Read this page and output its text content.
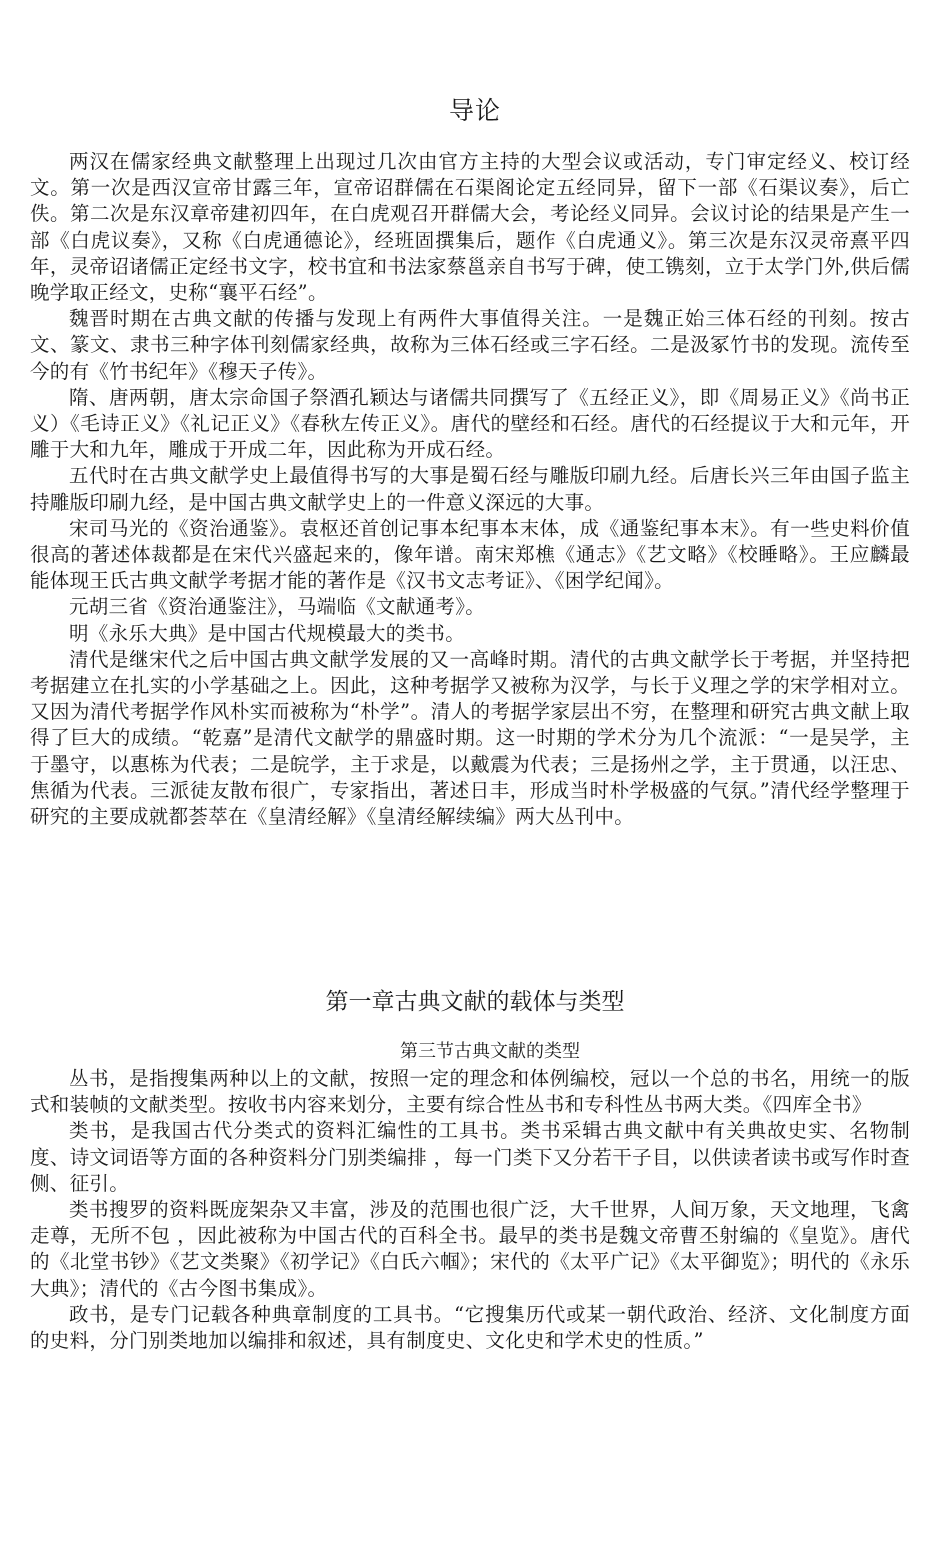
导论

两汉在儒家经典文献整理上出现过几次由官方主持的大型会议或活动，专门审定经义、校订经文。第一次是西汉宣帝甘露三年，宣帝诏群儒在石渠阁论定五经同异，留下一部《石渠议奏》，后亡佚。第二次是东汉章帝建初四年，在白虎观召开群儒大会，考论经义同异。会议讨论的结果是产生一部《白虎议奏》，又称《白虎通德论》，经班固撰集后，题作《白虎通义》。第三次是东汉灵帝熹平四年，灵帝诏诸儒正定经书文字，校书宜和书法家蔡邕亲自书写于碑，使工镌刻，立于太学门外,供后儒晚学取正经文，史称“襄平石经”。

魏晋时期在古典文献的传播与发现上有两件大事值得关注。一是魏正始三体石经的刊刻。按古文、篆文、隶书三种字体刊刻儒家经典，故称为三体石经或三字石经。二是汲冢竹书的发现。流传至今的有《竹书纪年》《穆天子传》。

隋、唐两朝，唐太宗命国子祭酒孔颖达与诸儒共同撰写了《五经正义》，即《周易正义》《尚书正义）《毛诗正义》《礼记正义》《春秋左传正义》。唐代的壁经和石经。唐代的石经提议于大和元年，开雕于大和九年，雕成于开成二年，因此称为开成石经。

五代时在古典文献学史上最值得书写的大事是蜀石经与雕版印刷九经。后唐长兴三年由国子监主持雕版印刷九经，是中国古典文献学史上的一件意义深远的大事。

宋司马光的《资治通鉴》。袁枢还首创记事本纪事本末体，成《通鉴纪事本末》。有一些史料价值很高的著述体裁都是在宋代兴盛起来的，像年谱。南宋郑樵《通志》《艺文略》《校睡略》。王应麟最能体现王氏古典文献学考据才能的著作是《汉书文志考证》、《困学纪闻》。

元胡三省《资治通鉴注》，马端临《文献通考》。

明《永乐大典》是中国古代规模最大的类书。

清代是继宋代之后中国古典文献学发展的又一高峰时期。清代的古典文献学长于考据，并坚持把考据建立在扎实的小学基础之上。因此，这种考据学又被称为汉学，与长于义理之学的宋学相对立。又因为清代考据学作风朴实而被称为“朴学”。清人的考据学家层出不穷，在整理和研究古典文献上取得了巨大的成绩。“乾嘉”是清代文献学的鼎盛时期。这一时期的学术分为几个流派：“一是吴学，主于墨守，以惠栋为代表；二是皖学，主于求是，以戴震为代表；三是扬州之学，主于贯通，以汪忠、焦循为代表。三派徒友散布很广，专家指出，著述日丰，形成当时朴学极盛的气氛。”清代经学整理于研究的主要成就都荟萃在《皇清经解》《皇清经解续编》两大丛刊中。

第一章古典文献的载体与类型
第三节古典文献的类型

丛书，是指搜集两种以上的文献，按照一定的理念和体例编校，冠以一个总的书名，用统一的版式和装帧的文献类型。按收书内容来划分，主要有综合性丛书和专科性丛书两大类。《四库全书》

类书，是我国古代分类式的资料汇编性的工具书。类书采辑古典文献中有关典故史实、名物制度、诗文词语等方面的各种资料分门别类编排 ，每一门类下又分若干子目，以供读者读书或写作时查侧、征引。

类书搜罗的资料既庞架杂又丰富，涉及的范围也很广泛，大千世界，人间万象，天文地理，飞禽走尊，无所不包 ，因此被称为中国古代的百科全书。最早的类书是魏文帝曹丕射编的《皇览》。唐代的《北堂书钞》《艺文类聚》《初学记》《白氏六帼》；宋代的《太平广记》《太平御览》；明代的《永乐大典》；清代的《古今图书集成》。

政书，是专门记载各种典章制度的工具书。“它搜集历代或某一朝代政治、经济、文化制度方面的史料，分门别类地加以编排和叙述，具有制度史、文化史和学术史的性质。”
